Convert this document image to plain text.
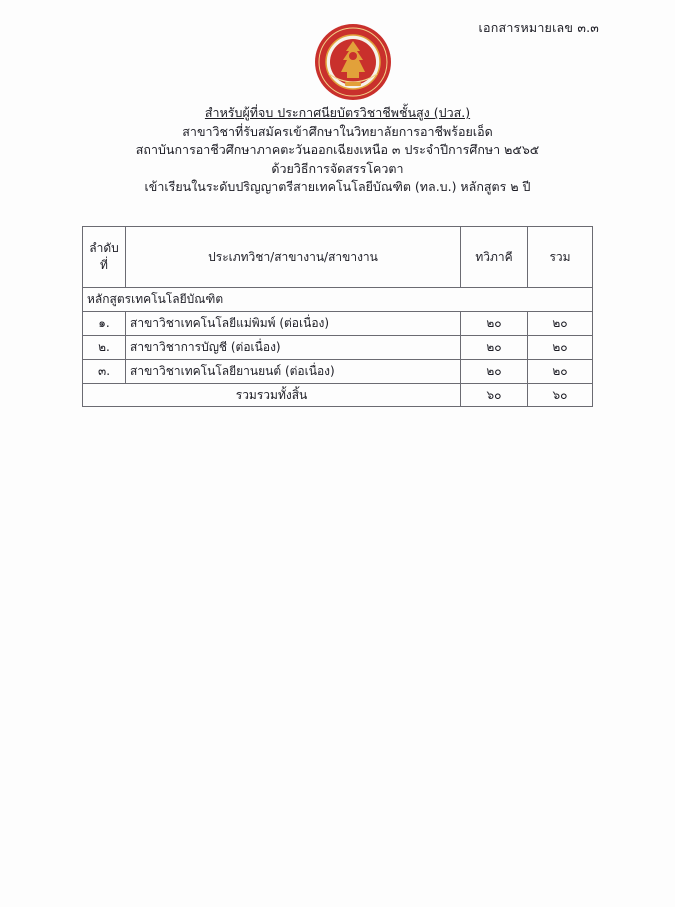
เอกสารหมายเลข ๓.๓
สำหรับผู้ที่จบ ประกาศนียบัตรวิชาชีพชั้นสูง (ปวส.)
สาขาวิชาที่รับสมัครเข้าศึกษาในวิทยาลัยการอาชีพร้อยเอ็ด
สถาบันการอาชีวศึกษาภาคตะวันออกเฉียงเหนือ ๓ ประจำปีการศึกษา ๒๕๖๕
ด้วยวิธีการจัดสรรโควตา
เข้าเรียนในระดับปริญญาตรีสายเทคโนโลยีบัณฑิต (ทล.บ.) หลักสูตร ๒ ปี
ลำดับ
ที่	ประเภทวิชา/สาขางาน/สาขางาน	ทวิภาคี	รวม
หลักสูตรเทคโนโลยีบัณฑิต			
๑.	สาขาวิชาเทคโนโลยีแม่พิมพ์ (ต่อเนื่อง)	๒๐	๒๐
๒.	สาขาวิชาการบัญชี (ต่อเนื่อง)	๒๐	๒๐
๓.	สาขาวิชาเทคโนโลยียานยนต์ (ต่อเนื่อง)	๒๐	๒๐
รวมรวมทั้งสิ้น		๖๐	๖๐
